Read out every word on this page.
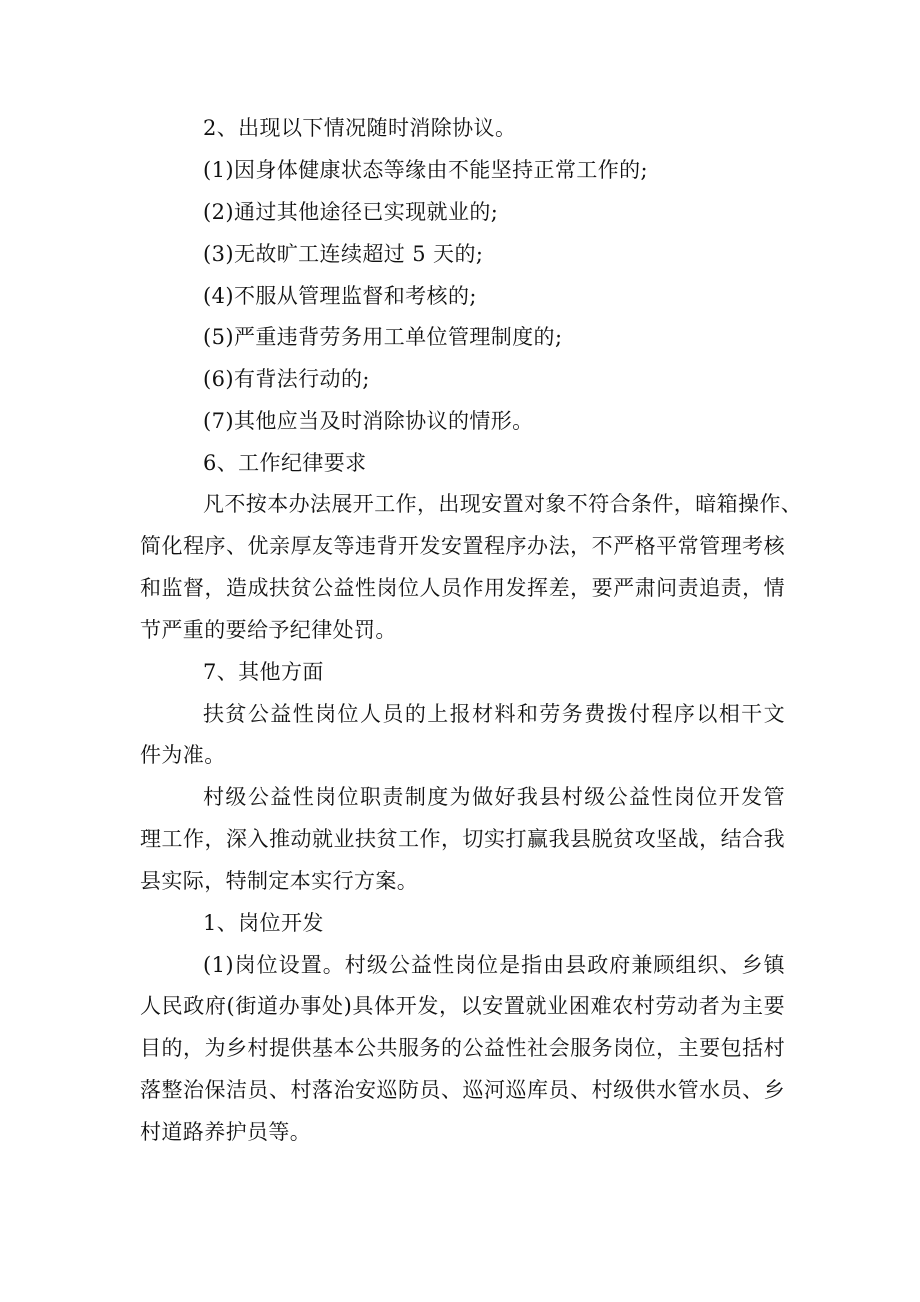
2、出现以下情况随时消除协议。
(1)因身体健康状态等缘由不能坚持正常工作的;
(2)通过其他途径已实现就业的;
(3)无故旷工连续超过 5 天的;
(4)不服从管理监督和考核的;
(5)严重违背劳务用工单位管理制度的;
(6)有背法行动的;
(7)其他应当及时消除协议的情形。
6、工作纪律要求
凡不按本办法展开工作，出现安置对象不符合条件，暗箱操作、
简化程序、优亲厚友等违背开发安置程序办法，不严格平常管理考核
和监督，造成扶贫公益性岗位人员作用发挥差，要严肃问责追责，情
节严重的要给予纪律处罚。
7、其他方面
扶贫公益性岗位人员的上报材料和劳务费拨付程序以相干文
件为准。
村级公益性岗位职责制度为做好我县村级公益性岗位开发管
理工作，深入推动就业扶贫工作，切实打赢我县脱贫攻坚战，结合我
县实际，特制定本实行方案。
1、岗位开发
(1)岗位设置。村级公益性岗位是指由县政府兼顾组织、乡镇
人民政府(街道办事处)具体开发，以安置就业困难农村劳动者为主要
目的，为乡村提供基本公共服务的公益性社会服务岗位，主要包括村
落整治保洁员、村落治安巡防员、巡河巡库员、村级供水管水员、乡
村道路养护员等。
